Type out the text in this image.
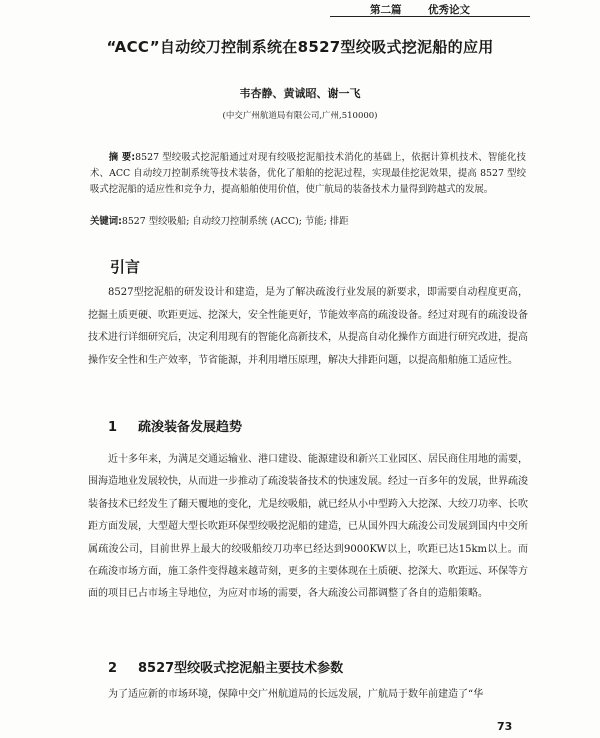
第二篇	优秀论文
“ACC”自动绞刀控制系统在8527型绞吸式挖泥船的应用
韦杏静、黄诚昭、谢一飞
(中交广州航道局有限公司,广州,510000)
摘 要:8527 型绞吸式挖泥船通过对现有绞吸挖泥船技术消化的基础上，依据计算机技术、智能化技术、ACC 自动绞刀控制系统等技术装备，优化了船舶的挖泥过程，实现最佳挖泥效果，提高 8527 型绞吸式挖泥船的适应性和竞争力，提高船舶使用价值，使广航局的装备技术力量得到跨越式的发展。
关键词:8527 型绞吸船; 自动绞刀控制系统 (ACC); 节能; 排距
引言
8527型挖泥船的研发设计和建造，是为了解决疏浚行业发展的新要求，即需要自动程度更高，挖掘土质更硬、吹距更远、挖深大，安全性能更好，节能效率高的疏浚设备。经过对现有的疏浚设备技术进行详细研究后，决定利用现有的智能化高新技术，从提高自动化操作方面进行研究改进，提高操作安全性和生产效率，节省能源，并利用增压原理，解决大排距问题，以提高船舶施工适应性。
1 疏浚装备发展趋势
近十多年来，为满足交通运输业、港口建设、能源建设和新兴工业园区、居民商住用地的需要，围海造地业发展较快，从而进一步推动了疏浚装备技术的快速发展。经过一百多年的发展，世界疏浚装备技术已经发生了翻天覆地的变化，尤是绞吸船，就已经从小中型跨入大挖深、大绞刀功率、长吹距方面发展，大型超大型长吹距环保型绞吸挖泥船的建造，已从国外四大疏浚公司发展到国内中交所属疏浚公司，目前世界上最大的绞吸船绞刀功率已经达到9000KW以上，吹距已达15km以上。而在疏浚市场方面，施工条件变得越来越苛刻，更多的主要体现在土质硬、挖深大、吹距远、环保等方面的项目已占市场主导地位，为应对市场的需要，各大疏浚公司都调整了各自的造船策略。
2 8527型绞吸式挖泥船主要技术参数
为了适应新的市场环境，保障中交广州航道局的长远发展，广航局于数年前建造了“华
73
